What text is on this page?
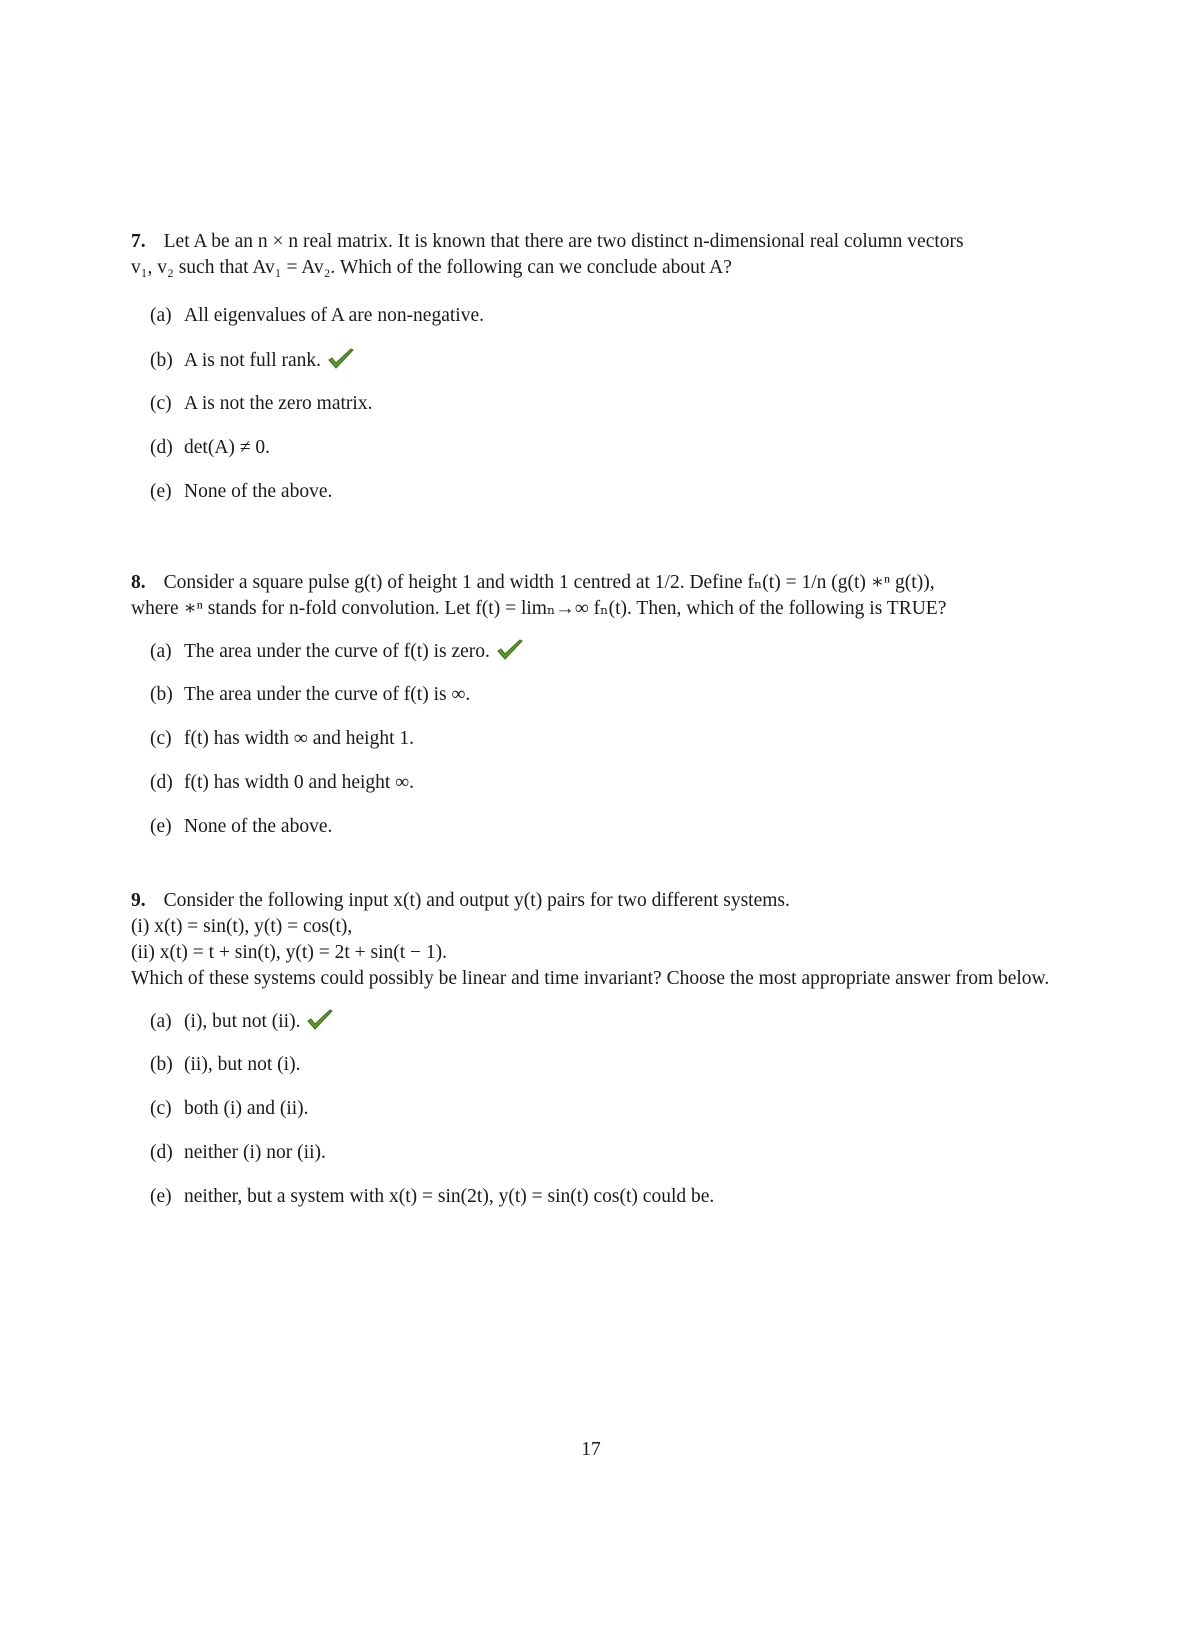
7. Let A be an n × n real matrix. It is known that there are two distinct n-dimensional real column vectors
v₁, v₂ such that Av₁ = Av₂. Which of the following can we conclude about A?
(a) All eigenvalues of A are non-negative.
(b) A is not full rank.
(c) A is not the zero matrix.
(d) det(A) ≠ 0.
(e) None of the above.
8. Consider a square pulse g(t) of height 1 and width 1 centred at 1/2. Define fₙ(t) = 1/n (g(t) ∗ⁿ g(t)),
where ∗ⁿ stands for n-fold convolution. Let f(t) = limₙ→∞ fₙ(t). Then, which of the following is TRUE?
(a) The area under the curve of f(t) is zero.
(b) The area under the curve of f(t) is ∞.
(c) f(t) has width ∞ and height 1.
(d) f(t) has width 0 and height ∞.
(e) None of the above.
9. Consider the following input x(t) and output y(t) pairs for two different systems.
(i) x(t) = sin(t), y(t) = cos(t),
(ii) x(t) = t + sin(t), y(t) = 2t + sin(t − 1).
Which of these systems could possibly be linear and time invariant? Choose the most appropriate answer from below.
(a) (i), but not (ii).
(b) (ii), but not (i).
(c) both (i) and (ii).
(d) neither (i) nor (ii).
(e) neither, but a system with x(t) = sin(2t), y(t) = sin(t) cos(t) could be.
17
